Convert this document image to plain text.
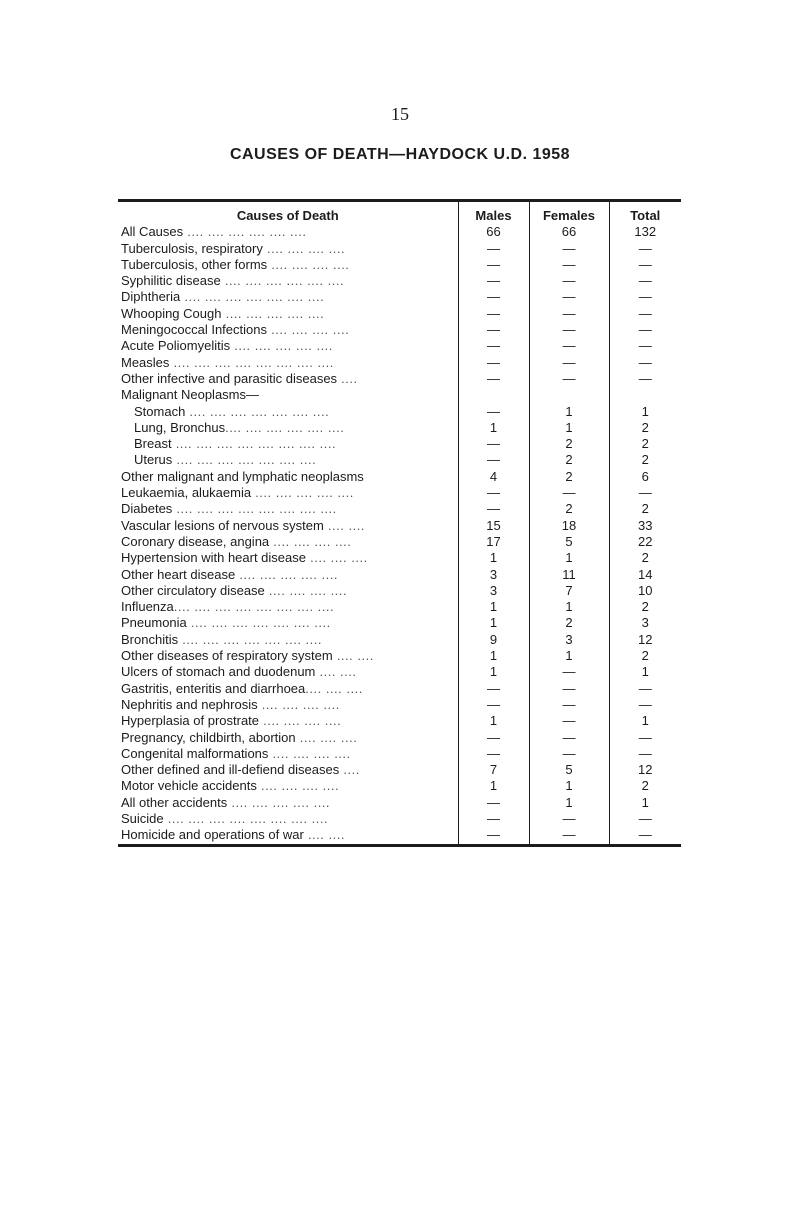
15
CAUSES OF DEATH—HAYDOCK U.D. 1958
Causes of Death	Males	Females	Total
All Causes .... .... .... .... .... ....	66	66	132
Tuberculosis, respiratory .... .... .... ....	—	—	—
Tuberculosis, other forms .... .... .... ....	—	—	—
Syphilitic disease .... .... .... .... .... ....	—	—	—
Diphtheria .... .... .... .... .... .... ....	—	—	—
Whooping Cough .... .... .... .... ....	—	—	—
Meningococcal Infections .... .... .... ....	—	—	—
Acute Poliomyelitis .... .... .... .... ....	—	—	—
Measles .... .... .... .... .... .... .... ....	—	—	—
Other infective and parasitic diseases ....	—	—	—
Malignant Neoplasms—			
Stomach .... .... .... .... .... .... ....	—	1	1
Lung, Bronchus.... .... .... .... .... ....	1	1	2
Breast .... .... .... .... .... .... .... ....	—	2	2
Uterus .... .... .... .... .... .... ....	—	2	2
Other malignant and lymphatic neoplasms	4	2	6
Leukaemia, alukaemia .... .... .... .... ....	—	—	—
Diabetes .... .... .... .... .... .... .... ....	—	2	2
Vascular lesions of nervous system .... ....	15	18	33
Coronary disease, angina .... .... .... ....	17	5	22
Hypertension with heart disease .... .... ....	1	1	2
Other heart disease .... .... .... .... ....	3	11	14
Other circulatory disease .... .... .... ....	3	7	10
Influenza.... .... .... .... .... .... .... ....	1	1	2
Pneumonia .... .... .... .... .... .... ....	1	2	3
Bronchitis .... .... .... .... .... .... ....	9	3	12
Other diseases of respiratory system .... ....	1	1	2
Ulcers of stomach and duodenum .... ....	1	—	1
Gastritis, enteritis and diarrhoea.... .... ....	—	—	—
Nephritis and nephrosis .... .... .... ....	—	—	—
Hyperplasia of prostrate .... .... .... ....	1	—	1
Pregnancy, childbirth, abortion .... .... ....	—	—	—
Congenital malformations .... .... .... ....	—	—	—
Other defined and ill-defiend diseases ....	7	5	12
Motor vehicle accidents .... .... .... ....	1	1	2
All other accidents .... .... .... .... ....	—	1	1
Suicide .... .... .... .... .... .... .... ....	—	—	—
Homicide and operations of war .... ....	—	—	—
